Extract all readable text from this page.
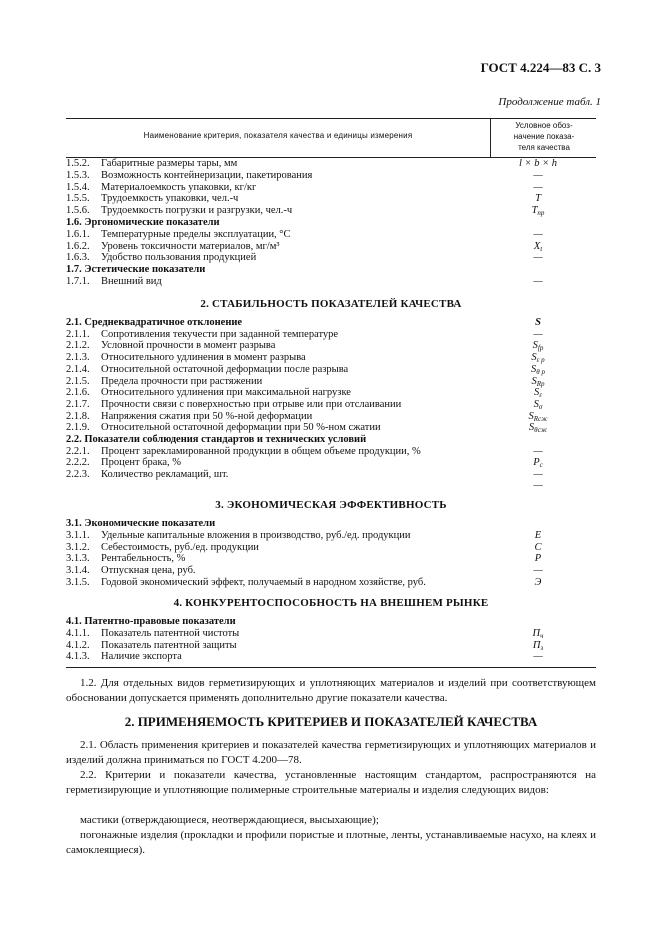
ГОСТ 4.224—83 С. 3
Продолжение табл. 1
Наименование критерия, показателя качества и единицы измерения
Условное обоз-
начение показа-
теля качества
1.5.2. Габаритные размеры тары, мм	l × b × h
1.5.3. Возможность контейнеризации, пакетирования	—
1.5.4. Материалоемкость упаковки, кг/кг	—
1.5.5. Трудоемкость упаковки, чел.-ч	T
1.5.6. Трудоемкость погрузки и разгрузки, чел.-ч	$T_{пр}$
1.6. Эргономические показатели
1.6.1. Температурные пределы эксплуатации, °С	—
1.6.2. Уровень токсичности материалов, мг/м³	$X_t$
1.6.3. Удобство пользования продукцией	—
1.7. Эстетические показатели
1.7.1. Внешний вид	—
2. СТАБИЛЬНОСТЬ ПОКАЗАТЕЛЕЙ КАЧЕСТВА
2.1. Среднеквадратичное отклонение	S
2.1.1. Сопротивления текучести при заданной температуре	—
2.1.2. Условной прочности в момент разрыва	$S_{fp}$
2.1.3. Относительного удлинения в момент разрыва	$S_{\varepsilon р}$
2.1.4. Относительной остаточной деформации после разрыва	$S_{\theta р}$
2.1.5. Предела прочности при растяжении	$S_{Rp}$
2.1.6. Относительного удлинения при максимальной нагрузке	$S_\varepsilon$
2.1.7. Прочности связи с поверхностью при отрыве или при отслаивании	$S_\sigma$
2.1.8. Напряжения сжатия при 50 %-ной деформации	$S_{Rсж}$
2.1.9. Относительной остаточной деформации при 50 %-ном сжатии	$S_{\theta сж}$
2.2. Показатели соблюдения стандартов и технических условий
2.2.1. Процент зарекламированной продукции в общем объеме продукции, %	—
2.2.2. Процент брака, %	$P_с$
2.2.3. Количество рекламаций, шт.	—
—
3. ЭКОНОМИЧЕСКАЯ ЭФФЕКТИВНОСТЬ
3.1. Экономические показатели
3.1.1. Удельные капитальные вложения в производство, руб./ед. продукции	E
3.1.2. Себестоимость, руб./ед. продукции	C
3.1.3. Рентабельность, %	P
3.1.4. Отпускная цена, руб.	—
3.1.5. Годовой экономический эффект, получаемый в народном хозяйстве, руб.	Э
4. КОНКУРЕНТОСПОСОБНОСТЬ НА ВНЕШНЕМ РЫНКЕ
4.1. Патентно-правовые показатели
4.1.1. Показатель патентной чистоты	$П_ч$
4.1.2. Показатель патентной защиты	$П_з$
4.1.3. Наличие экспорта	—
1.2. Для отдельных видов герметизирующих и уплотняющих материалов и изделий при соответствующем обосновании допускается применять дополнительно другие показатели качества.
2. ПРИМЕНЯЕМОСТЬ КРИТЕРИЕВ И ПОКАЗАТЕЛЕЙ КАЧЕСТВА
2.1. Область применения критериев и показателей качества герметизирующих и уплотняющих материалов и изделий должна приниматься по ГОСТ 4.200—78.
2.2. Критерии и показатели качества, установленные настоящим стандартом, распространяются на герметизирующие и уплотняющие полимерные строительные материалы и изделия следующих видов:
мастики (отверждающиеся, неотверждающиеся, высыхающие);
погонажные изделия (прокладки и профили пористые и плотные, ленты, устанавливаемые насухо, на клеях и самоклеящиеся).
